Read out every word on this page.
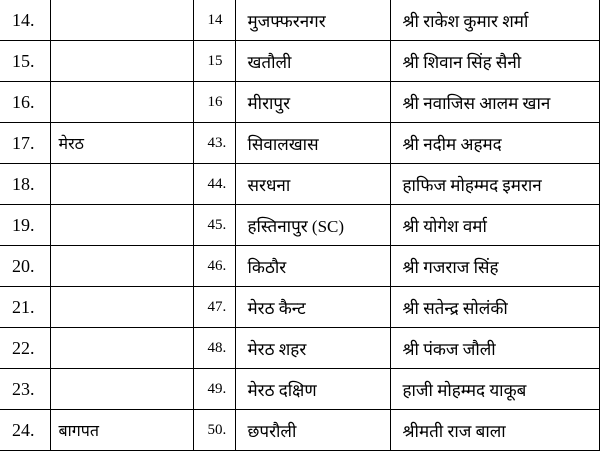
14.		14	मुजफ्फरनगर	श्री राकेश कुमार शर्मा
15.		15	खतौली	श्री शिवान सिंह सैनी
16.		16	मीरापुर	श्री नवाजिस आलम खान
17.	मेरठ	43.	सिवालखास	श्री नदीम अहमद
18.		44.	सरधना	हाफिज मोहम्मद इमरान
19.		45.	हस्तिनापुर (SC)	श्री योगेश वर्मा
20.		46.	किठौर	श्री गजराज सिंह
21.		47.	मेरठ कैन्ट	श्री सतेन्द्र सोलंकी
22.		48.	मेरठ शहर	श्री पंकज जौली
23.		49.	मेरठ दक्षिण	हाजी मोहम्मद याकूब
24.	बागपत	50.	छपरौली	श्रीमती राज बाला
